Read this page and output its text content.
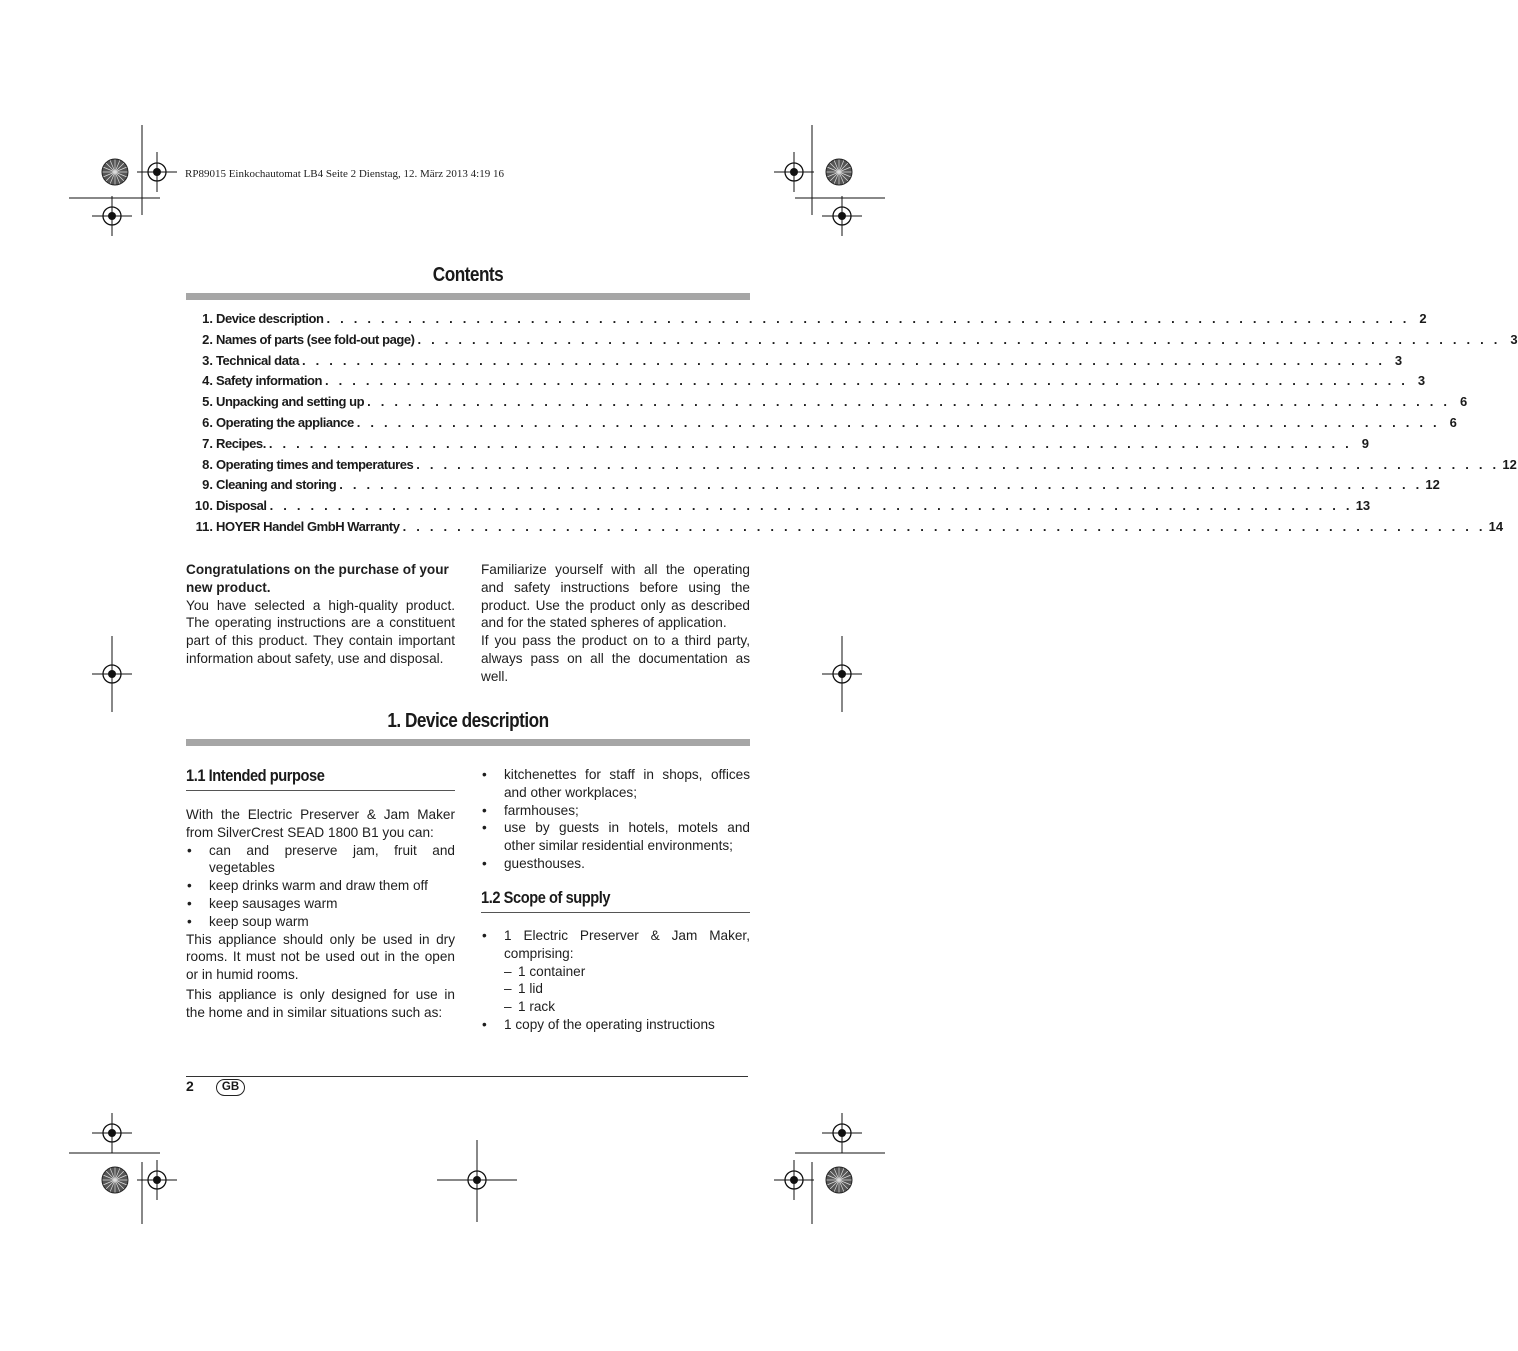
RP89015 Einkochautomat LB4 Seite 2 Dienstag, 12. März 2013 4:19 16
Contents
1. Device description . . . . . . . . . . . . . . . . . . . . . . . . . . . . . . . . . . . . . . . . . . . . . . . . . . . . . . . . . . . . . . . . . . . . . . . . . . . . . . . . 2
2. Names of parts (see fold-out page) . . . . . . . . . . . . . . . . . . . . . . . . . . . . . . . . . . . . . . . . . . . . . . . . . . . . . . . . . . . . . . . . . . . . . . . . . . . . . . . . 3
3. Technical data . . . . . . . . . . . . . . . . . . . . . . . . . . . . . . . . . . . . . . . . . . . . . . . . . . . . . . . . . . . . . . . . . . . . . . . . . . . . . . . . 3
4. Safety information . . . . . . . . . . . . . . . . . . . . . . . . . . . . . . . . . . . . . . . . . . . . . . . . . . . . . . . . . . . . . . . . . . . . . . . . . . . . . . . . 3
5. Unpacking and setting up . . . . . . . . . . . . . . . . . . . . . . . . . . . . . . . . . . . . . . . . . . . . . . . . . . . . . . . . . . . . . . . . . . . . . . . . . . . . . . . . 6
6. Operating the appliance . . . . . . . . . . . . . . . . . . . . . . . . . . . . . . . . . . . . . . . . . . . . . . . . . . . . . . . . . . . . . . . . . . . . . . . . . . . . . . . . 6
7. Recipes. . . . . . . . . . . . . . . . . . . . . . . . . . . . . . . . . . . . . . . . . . . . . . . . . . . . . . . . . . . . . . . . . . . . . . . . . . . . . . . . . 9
8. Operating times and temperatures . . . . . . . . . . . . . . . . . . . . . . . . . . . . . . . . . . . . . . . . . . . . . . . . . . . . . . . . . . . . . . . . . . . . . . . . . . . . . . . . 12
9. Cleaning and storing . . . . . . . . . . . . . . . . . . . . . . . . . . . . . . . . . . . . . . . . . . . . . . . . . . . . . . . . . . . . . . . . . . . . . . . . . . . . . . . . 12
10. Disposal . . . . . . . . . . . . . . . . . . . . . . . . . . . . . . . . . . . . . . . . . . . . . . . . . . . . . . . . . . . . . . . . . . . . . . . . . . . . . . . . 13
11. HOYER Handel GmbH Warranty . . . . . . . . . . . . . . . . . . . . . . . . . . . . . . . . . . . . . . . . . . . . . . . . . . . . . . . . . . . . . . . . . . . . . . . . . . . . . . . . 14

Congratulations on the purchase of your new product.

You have selected a high-quality product. The operating instructions are a constituent part of this product. They contain important information about safety, use and disposal.

Familiarize yourself with all the operating and safety instructions before using the product. Use the product only as described and for the stated spheres of application.

If you pass the product on to a third party, always pass on all the documentation as well.

1. Device description
1.1 Intended purpose

With the Electric Preserver & Jam Maker from SilverCrest SEAD 1800 B1 you can:

• can and preserve jam, fruit and vegetables
• keep drinks warm and draw them off
• keep sausages warm
• keep soup warm

This appliance should only be used in dry rooms. It must not be used out in the open or in humid rooms.

This appliance is only designed for use in the home and in similar situations such as:

• kitchenettes for staff in shops, offices and other workplaces;
• farmhouses;
• use by guests in hotels, motels and other similar residential environments;
• guesthouses.
1.2 Scope of supply
• 1 Electric Preserver & Jam Maker, comprising:
– 1 container
– 1 lid
– 1 rack
• 1 copy of the operating instructions
2	GB
